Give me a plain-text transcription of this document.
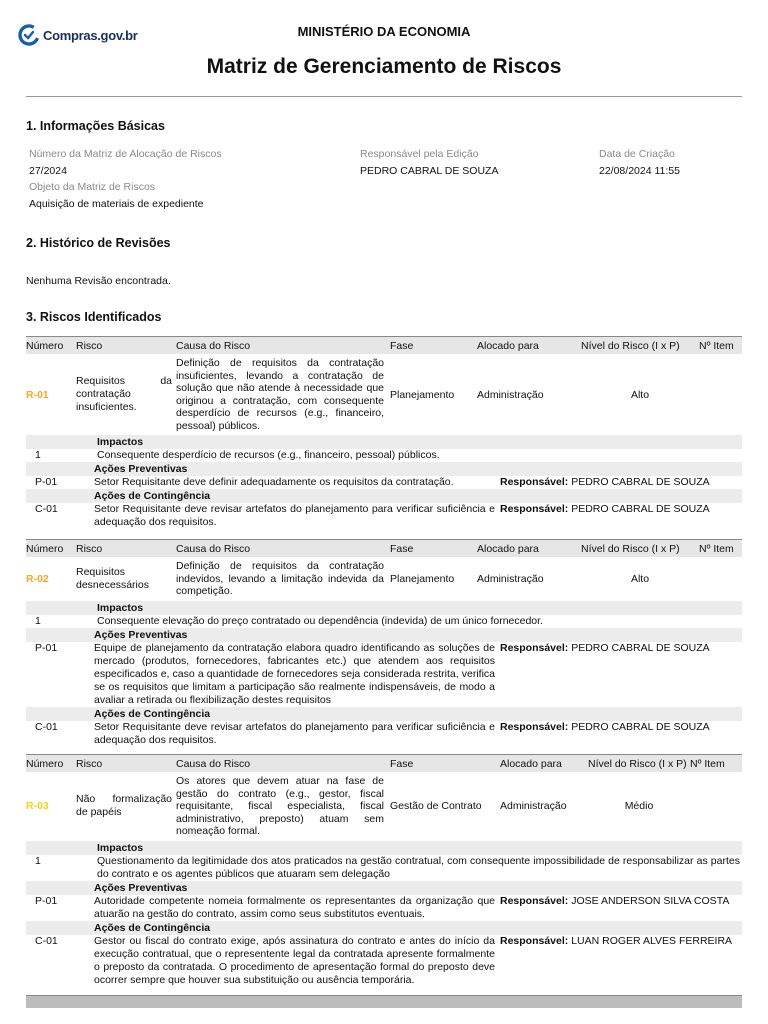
Compras.gov.br	MINISTÉRIO DA ECONOMIA
Matriz de Gerenciamento de Riscos
1. Informações Básicas
Número da Matriz de Alocação de Riscos
27/2024
Responsável pela Edição
PEDRO CABRAL DE SOUZA
Data de Criação
22/08/2024 11:55
Objeto da Matriz de Riscos
Aquisição de materiais de expediente
2. Histórico de Revisões
Nenhuma Revisão encontrada.
3. Riscos Identificados
Número	Risco	Causa do Risco	Fase	Alocado para	Nível do Risco (I x P)	Nº Item
R-01	Requisitos da contratação insuficientes.	Definição de requisitos da contratação insuficientes, levando a contratação de solução que não atende à necessidade que originou a contratação, com consequente desperdício de recursos (e.g., financeiro, pessoal) públicos.	Planejamento	Administração	Alto	
Impactos
1	Consequente desperdício de recursos (e.g., financeiro, pessoal) públicos.
Ações Preventivas
P-01	Setor Requisitante deve definir adequadamente os requisitos da contratação.	Responsável: PEDRO CABRAL DE SOUZA
Ações de Contingência
C-01	Setor Requisitante deve revisar artefatos do planejamento para verificar suficiência e adequação dos requisitos.
Responsável: PEDRO CABRAL DE SOUZA
Número	Risco	Causa do Risco	Fase	Alocado para	Nível do Risco (I x P)	Nº Item
R-02	Requisitos desnecessários	Definição de requisitos da contratação indevidos, levando a limitação indevida da competição.	Planejamento	Administração	Alto	
Impactos
1	Consequente elevação do preço contratado ou dependência (indevida) de um único fornecedor.
Ações Preventivas
P-01	Equipe de planejamento da contratação elabora quadro identificando as soluções de mercado (produtos, fornecedores, fabricantes etc.) que atendem aos requisitos especificados e, caso a quantidade de fornecedores seja considerada restrita, verifica se os requisitos que limitam a participação são realmente indispensáveis, de modo a avaliar a retirada ou flexibilização destes requisitos
Responsável: PEDRO CABRAL DE SOUZA
Ações de Contingência
C-01	Setor Requisitante deve revisar artefatos do planejamento para verificar suficiência e adequação dos requisitos.
Responsável: PEDRO CABRAL DE SOUZA
Número	Risco	Causa do Risco	Fase	Alocado para	Nível do Risco (I x P)	Nº Item
R-03	Não formalização de papéis	Os atores que devem atuar na fase de gestão do contrato (e.g., gestor, fiscal requisitante, fiscal especialista, fiscal administrativo, preposto) atuam sem nomeação formal.	Gestão de Contrato	Administração	Médio	
Impactos
1	Questionamento da legitimidade dos atos praticados na gestão contratual, com consequente impossibilidade de responsabilizar as partes do contrato e os agentes públicos que atuaram sem delegação
Ações Preventivas
P-01	Autoridade competente nomeia formalmente os representantes da organização que atuarão na gestão do contrato, assim como seus substitutos eventuais.
Responsável: JOSE ANDERSON SILVA COSTA
Ações de Contingência
C-01	Gestor ou fiscal do contrato exige, após assinatura do contrato e antes do início da execução contratual, que o representente legal da contratada apresente formalmente o preposto da contratada. O procedimento de apresentação formal do preposto deve ocorrer sempre que houver sua substituição ou ausência temporária.
Responsável: LUAN ROGER ALVES FERREIRA
